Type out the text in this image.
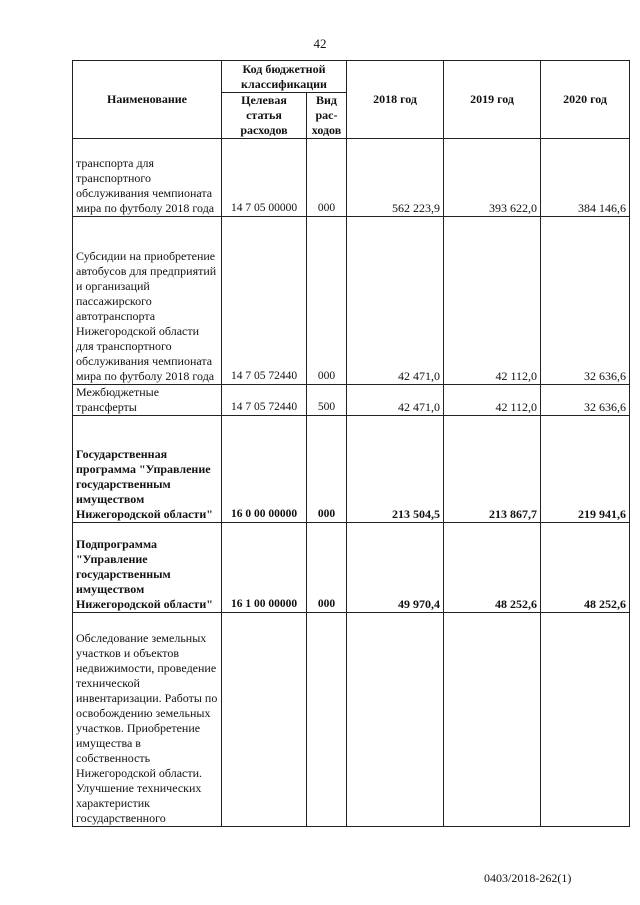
42
Наименование	Код бюджетной классификации		2018 год	2019 год	2020 год
	Целевая статья расходов	Вид рас-ходов			
транспорта для транспортного обслуживания чемпионата мира по футболу 2018 года	14 7 05 00000	000	562 223,9	393 622,0	384 146,6
Субсидии на приобретение автобусов для предприятий и организаций пассажирского автотранспорта Нижегородской области для транспортного обслуживания чемпионата мира по футболу 2018 года	14 7 05 72440	000	42 471,0	42 112,0	32 636,6
Межбюджетные трансферты	14 7 05 72440	500	42 471,0	42 112,0	32 636,6
Государственная программа "Управление государственным имуществом Нижегородской области"	16 0 00 00000	000	213 504,5	213 867,7	219 941,6
Подпрограмма "Управление государственным имуществом Нижегородской области"	16 1 00 00000	000	49 970,4	48 252,6	48 252,6
Обследование земельных участков и объектов недвижимости, проведение технической инвентаризации. Работы по освобождению земельных участков. Приобретение имущества в собственность Нижегородской области. Улучшение технических характеристик государственного					
0403/2018-262(1)
